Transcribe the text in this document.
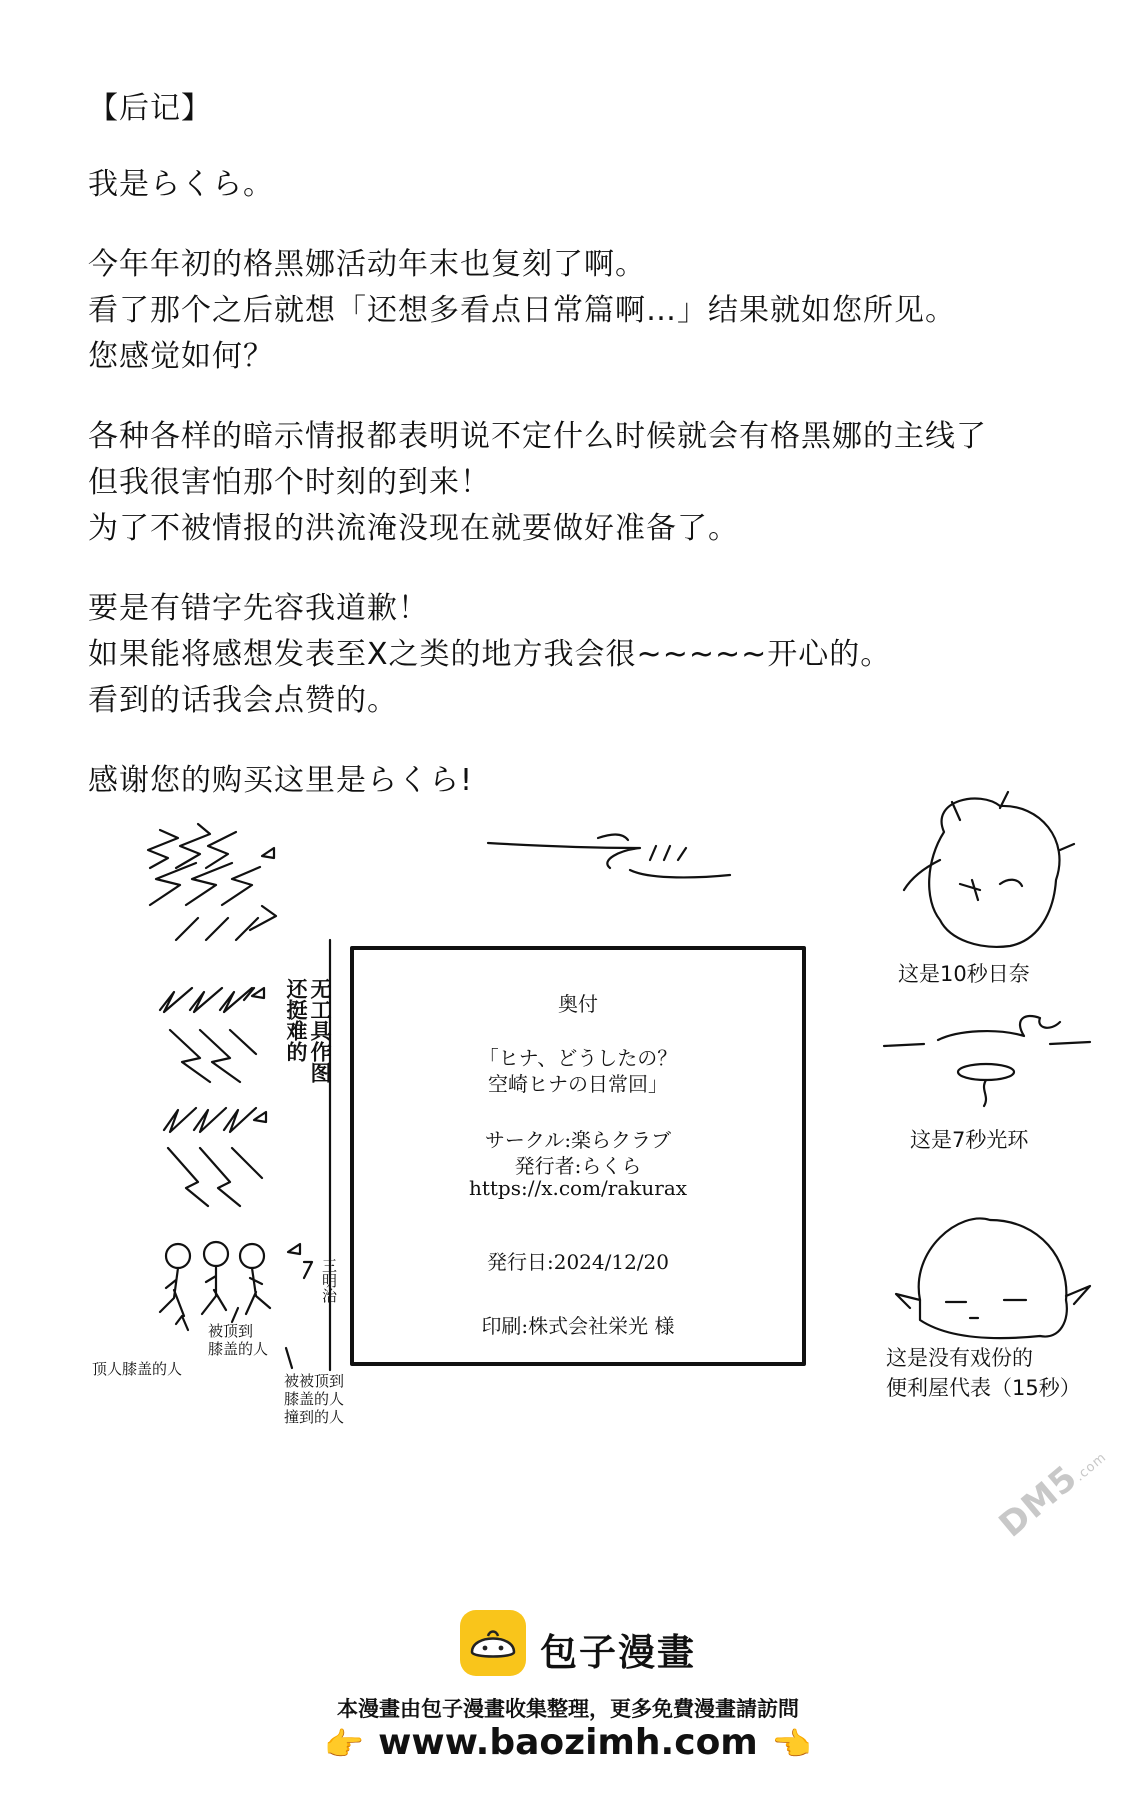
【后记】
我是らくら。
今年年初的格黑娜活动年末也复刻了啊。
看了那个之后就想「还想多看点日常篇啊…」结果就如您所见。
您感觉如何？
各种各样的暗示情报都表明说不定什么时候就会有格黑娜的主线了
但我很害怕那个时刻的到来！
为了不被情报的洪流淹没现在就要做好准备了。
要是有错字先容我道歉！
如果能将感想发表至X之类的地方我会很~~~~~开心的。
看到的话我会点赞的。
感谢您的购买这里是らくら!
无工具作图
还挺难的
三明治
顶人膝盖的人
被顶到
膝盖的人
被被顶到
膝盖的人
撞到的人
奥付
「ヒナ、どうしたの？
空崎ヒナの日常回」
サークル:楽らクラブ
発行者:らくら
https://x.com/rakurax
発行日:2024/12/20
印刷:株式会社栄光 様
这是10秒日奈
这是7秒光环
这是没有戏份的
便利屋代表（15秒）
DM5.com
包子漫畫
本漫畫由包子漫畫收集整理，更多免費漫畫請訪問
👉 www.baozimh.com 👈
